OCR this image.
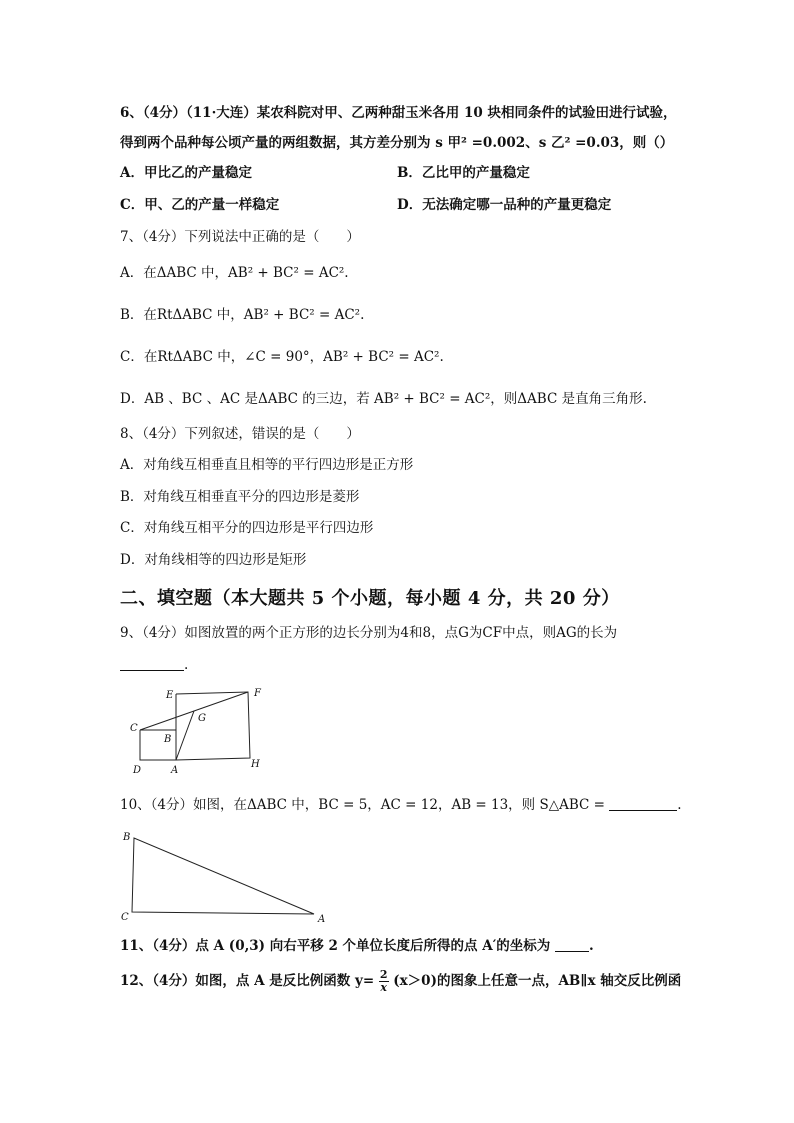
6、（4分）（11·大连）某农科院对甲、乙两种甜玉米各用 10 块相同条件的试验田进行试验，
得到两个品种每公顷产量的两组数据，其方差分别为 s 甲² =0.002、s 乙² =0.03，则（）
A．甲比乙的产量稳定	B．乙比甲的产量稳定
C．甲、乙的产量一样稳定	D．无法确定哪一品种的产量更稳定
7、（4分）下列说法中正确的是（　　）
A．在ΔABC 中，AB² + BC² = AC².
B．在RtΔABC 中，AB² + BC² = AC².
C．在RtΔABC 中，∠C = 90°，AB² + BC² = AC².
D．AB 、BC 、AC 是ΔABC 的三边，若 AB² + BC² = AC²，则ΔABC 是直角三角形.
8、（4分）下列叙述，错误的是（　　）
A．对角线互相垂直且相等的平行四边形是正方形
B．对角线互相垂直平分的四边形是菱形
C．对角线互相平分的四边形是平行四边形
D．对角线相等的四边形是矩形
二、填空题（本大题共 5 个小题，每小题 4 分，共 20 分）
9、（4分）如图放置的两个正方形的边长分别为4和8，点G为CF中点，则AG的长为
.
E	F
G
C
B
D	A
H
10、（4分）如图，在ΔABC 中，BC = 5，AC = 12，AB = 13，则 S△ABC =	.
B
C	A
11、（4分）点 A (0,3) 向右平移 2 个单位长度后所得的点 A′的坐标为	.
12、（4分）如图，点 A 是反比例函数 $y= \frac{2}{x} (x>0)$的图象上任意一点，AB∥x 轴交反比例函
